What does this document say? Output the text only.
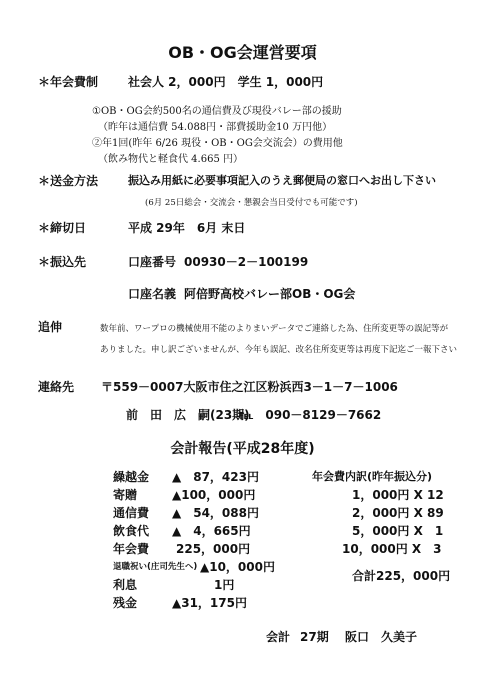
OB・OG会運営要項
＊年会費制 社会人 2，000円　学生 1，000円
①OB・OG会約500名の通信費及び現役バレー部の援助
（昨年は通信費 54.088円・部費援助金10 万円他）
②年1回(昨年 6/26 現役・OB・OG会交流会）の費用他
（飲み物代と軽食代 4.665 円）
＊送金方法	振込み用紙に必要事項記入のうえ郵便局の窓口へお出し下さい
(6月 25日総会・交流会・懇親会当日受付でも可能です)
＊締切日	平成 29年　6月 末日
＊振込先	口座番号 00930－2－100199
口座名義 阿倍野高校バレー部OB・OG会
追伸	数年前、ワープロの機械使用不能のよりまいデータでご連絡した為、住所変更等の誤記等が
ありました。申し訳ございませんが、今年も誤記、改名住所変更等は再度下記迄ご一報下さい
連絡先 〒559－0007大阪市住之江区粉浜西3－1－7－1006
前　田　広　嗣(23期)
℡　090－8129－7662
会計報告(平成28年度)
繰越金 ▲　87，423円
寄贈	▲100，000円
通信費 ▲　54，088円
飲食代 ▲　4，665円
年会費 225，000円
退職祝い(庄司先生へ) ▲10，000円
利息	1円
残金	▲31，175円
年会費内訳(昨年振込分)
1，000円 X 12
2，000円 X 89
5，000円 X　1
10，000円 X　3
合計225，000円
会計 27期 阪口　久美子
